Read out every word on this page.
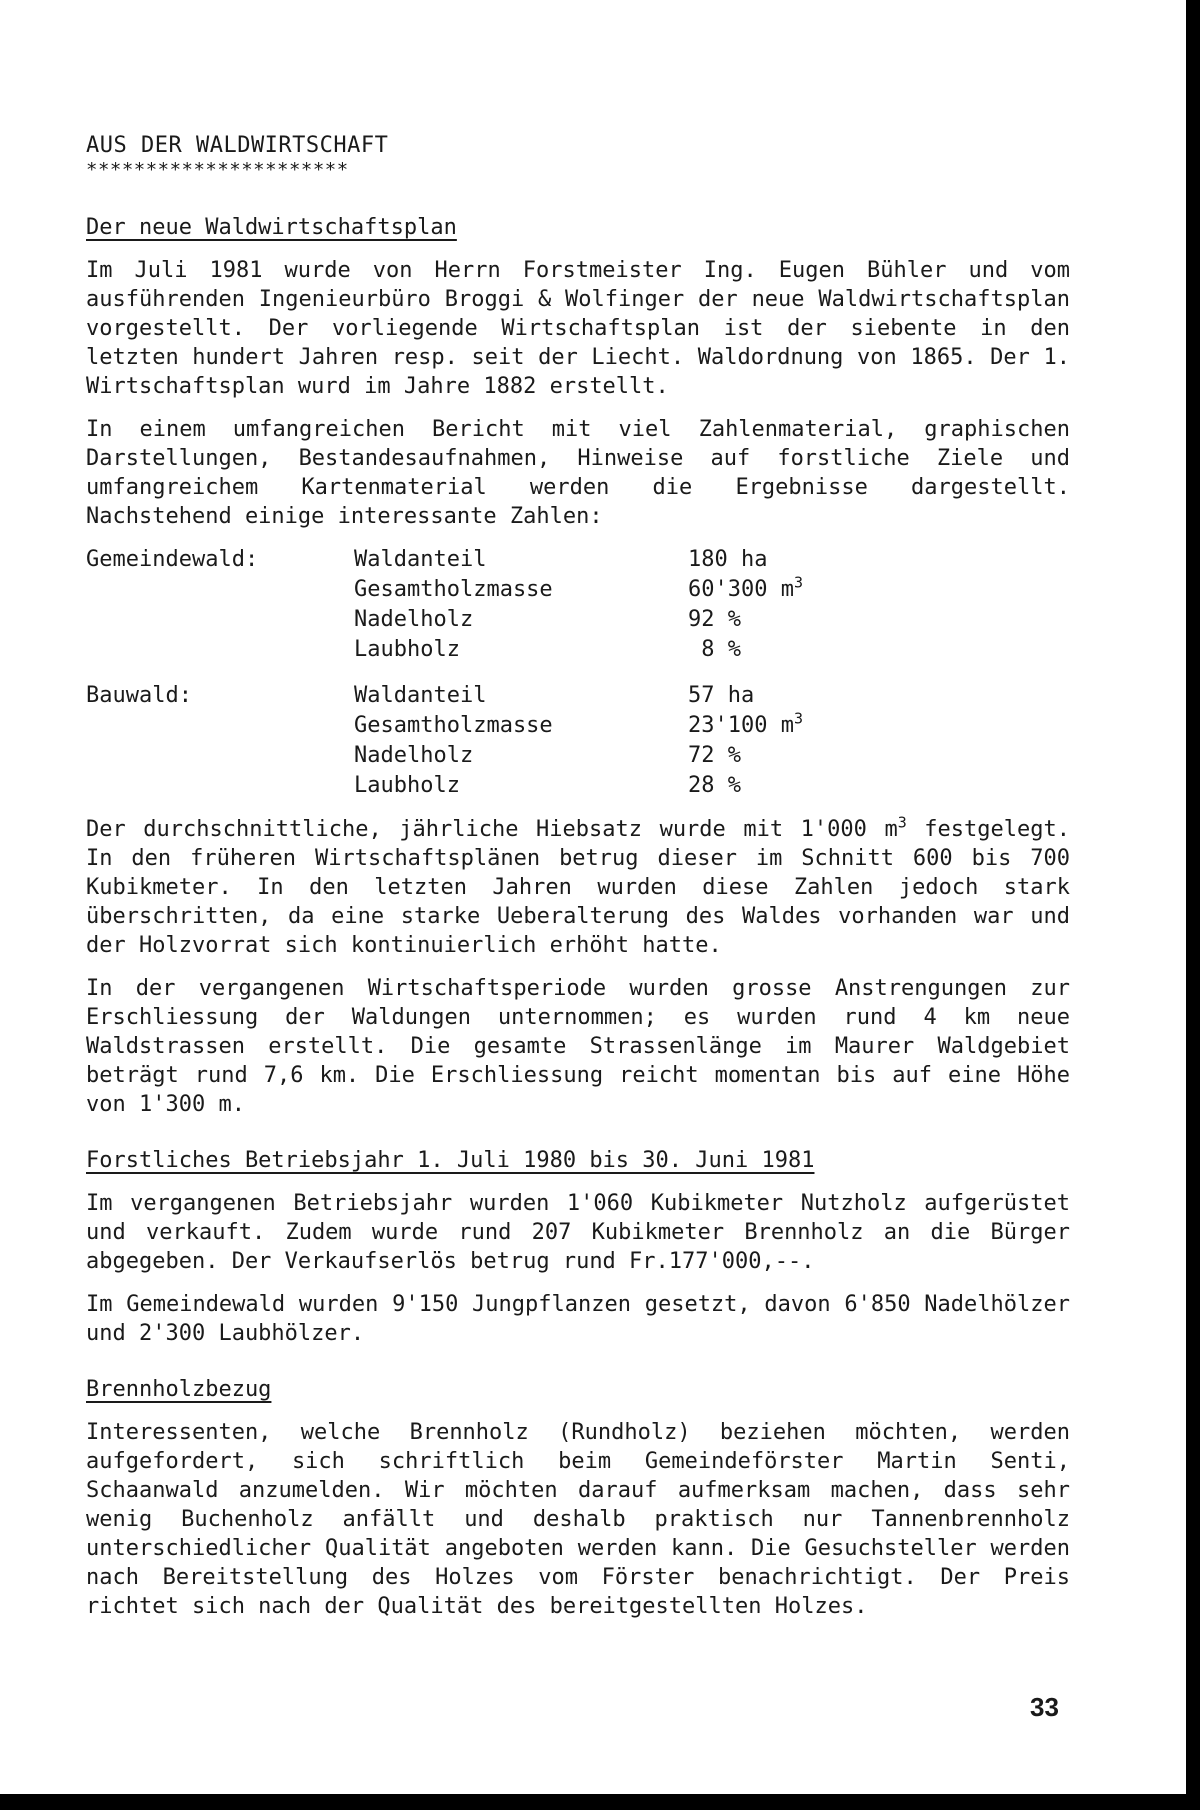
AUS DER WALDWIRTSCHAFT
**********************
Der neue Waldwirtschaftsplan

Im Juli 1981 wurde von Herrn Forstmeister Ing. Eugen Bühler und vom ausführenden Ingenieurbüro Broggi & Wolfinger der neue Waldwirtschaftsplan vorgestellt. Der vorliegende Wirtschaftsplan ist der siebente in den letzten hundert Jahren resp. seit der Liecht. Waldordnung von 1865. Der 1. Wirtschaftsplan wurd im Jahre 1882 erstellt.

In einem umfangreichen Bericht mit viel Zahlenmaterial, graphischen Darstellungen, Bestandesaufnahmen, Hinweise auf forstliche Ziele und umfangreichem Kartenmaterial werden die Ergebnisse dargestellt. Nachstehend einige interessante Zahlen:

Gemeindewald:	Waldanteil	180 ha
	Gesamtholzmasse	60'300 $m^3$
	Nadelholz	92 %
	Laubholz	8 %
Bauwald:	Waldanteil	57 ha
	Gesamtholzmasse	23'100 $m^3$
	Nadelholz	72 %
	Laubholz	28 %

Der durchschnittliche, jährliche Hiebsatz wurde mit 1'000 $m^3$ festgelegt. In den früheren Wirtschaftsplänen betrug dieser im Schnitt 600 bis 700 Kubikmeter. In den letzten Jahren wurden diese Zahlen jedoch stark überschritten, da eine starke Ueberalterung des Waldes vorhanden war und der Holzvorrat sich kontinuierlich erhöht hatte.

In der vergangenen Wirtschaftsperiode wurden grosse Anstrengungen zur Erschliessung der Waldungen unternommen; es wurden rund 4 km neue Waldstrassen erstellt. Die gesamte Strassenlänge im Maurer Waldgebiet beträgt rund 7,6 km. Die Erschliessung reicht momentan bis auf eine Höhe von 1'300 m.

Forstliches Betriebsjahr 1. Juli 1980 bis 30. Juni 1981

Im vergangenen Betriebsjahr wurden 1'060 Kubikmeter Nutzholz aufgerüstet und verkauft. Zudem wurde rund 207 Kubikmeter Brennholz an die Bürger abgegeben. Der Verkaufserlös betrug rund Fr.177'000,--.

Im Gemeindewald wurden 9'150 Jungpflanzen gesetzt, davon 6'850 Nadelhölzer und 2'300 Laubhölzer.

Brennholzbezug

Interessenten, welche Brennholz (Rundholz) beziehen möchten, werden aufgefordert, sich schriftlich beim Gemeindeförster Martin Senti, Schaanwald anzumelden. Wir möchten darauf aufmerksam machen, dass sehr wenig Buchenholz anfällt und deshalb praktisch nur Tannenbrennholz unterschiedlicher Qualität angeboten werden kann. Die Gesuchsteller werden nach Bereitstellung des Holzes vom Förster benachrichtigt. Der Preis richtet sich nach der Qualität des bereitgestellten Holzes.

33
